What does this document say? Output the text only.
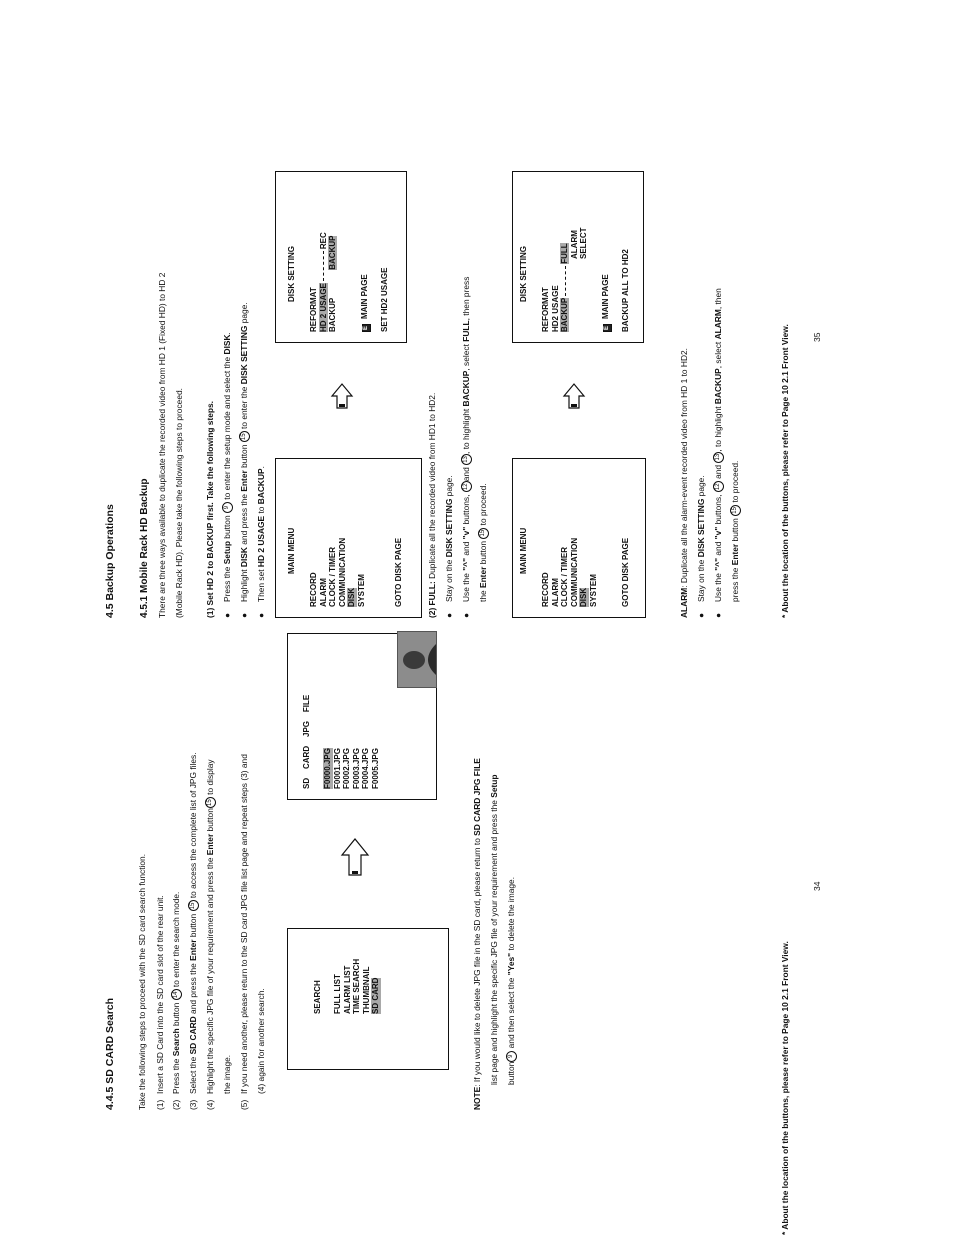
4.4.5 SD CARD Search	Take the following steps to proceed with the SD card search function. (1)Insert a SD Card into the SD card slot of the rear unit.

(2)Press the Search button 14 to enter the search mode.

(3)Select the SD CARD and press the Enter button 15 to access the complete list of JPG files.

(4)Highlight the specific JPG file of your requirement and press the Enter button15 to display

the image.

(5)If you need another, please return to the SD card JPG file list page and repeat steps (3) and (4) again for another search.	SEARCH FULL LIST ALARM LIST TIME SEARCH THUMBNAIL SD CARD
SD    CARD    JPG    FILE F0000.JPG F0001.JPG F0002.JPG F0003.JPG F0004.JPG F0005.JPG

NOTE: If you would like to delete JPG file in the SD card, please return to SD CARD JPG FILE

list page and highlight the specific JPG file of your requirement and press the Setup

button9 and then select the "Yes" to delete the image.

* About the location of the buttons, please refer to Page 10 2.1 Front View.
34
4.5 Backup Operations 4.5.1 Mobile Rack HD Backup There are three ways available to duplicate the recorded video from HD 1 (Fixed HD) to HD 2 (Mobile Rack HD). Please take the following steps to proceed.	(1) Set HD 2 to BACKUP first. Take the following steps. ●Press the Setup button 9 to enter the setup mode and select the DISK.

●Highlight DISK and press the Enter button 15 to enter the DISK SETTING page.

●Then set HD 2 USAGE to BACKUP.

MAIN MENU
RECORD ALARM CLOCK / TIMER COMMUNICATION DISK SYSTEM	GOTO DISK PAGE
DISK SETTING
REFORMAT HD 2 USAGEREC
BACKUPBACKUP
EMAIN PAGE SET HD2 USAGE

(2) FULL: Duplicate all the recorded video from HD1 to HD2.

●Stay on the DISK SETTING page.

●Use the "^" and "v" buttons, 12and 13, to highlight BACKUP, select FULL, then press

the Enter button 15 to proceed.

MAIN MENU
RECORD ALARM CLOCK / TIMER COMMUNICATION DISK SYSTEM	GOTO DISK PAGE
DISK SETTING
REFORMAT HD2 USAGE BACKUPFULL ALARM SELECT
EMAIN PAGE BACKUP ALL TO HD2

ALARM: Duplicate all the alarm-event recorded video from HD 1 to HD2.

●Stay on the DISK SETTING page.

●Use the "^" and "v" buttons, 12 and 13, to highlight BACKUP, select ALARM, then

press the Enter button 15 to proceed.	* About the location of the buttons, please refer to Page 10 2.1 Front View.	35
